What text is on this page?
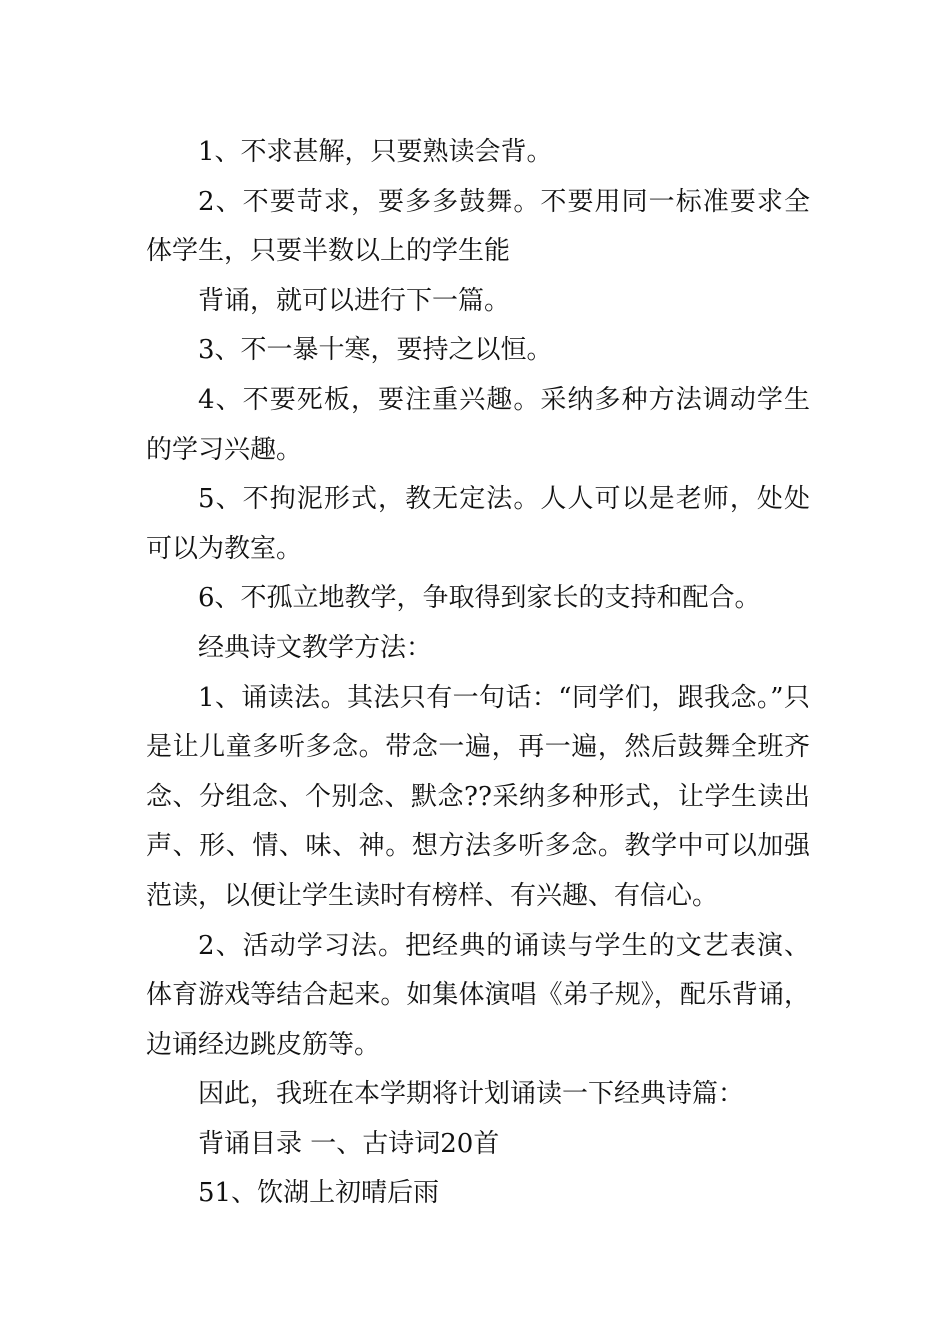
1、不求甚解，只要熟读会背。

2、不要苛求，要多多鼓舞。不要用同一标准要求全体学生，只要半数以上的学生能

背诵，就可以进行下一篇。

3、不一暴十寒，要持之以恒。

4、不要死板，要注重兴趣。采纳多种方法调动学生的学习兴趣。

5、不拘泥形式，教无定法。人人可以是老师，处处可以为教室。

6、不孤立地教学，争取得到家长的支持和配合。

经典诗文教学方法：

1、诵读法。其法只有一句话：“同学们，跟我念。”只是让儿童多听多念。带念一遍，再一遍，然后鼓舞全班齐念、分组念、个别念、默念??采纳多种形式，让学生读出声、形、情、味、神。想方法多听多念。教学中可以加强范读，以便让学生读时有榜样、有兴趣、有信心。

2、活动学习法。把经典的诵读与学生的文艺表演、体育游戏等结合起来。如集体演唱《弟子规》，配乐背诵，边诵经边跳皮筋等。

因此，我班在本学期将计划诵读一下经典诗篇：

背诵目录 一、古诗词20首

51、饮湖上初晴后雨
